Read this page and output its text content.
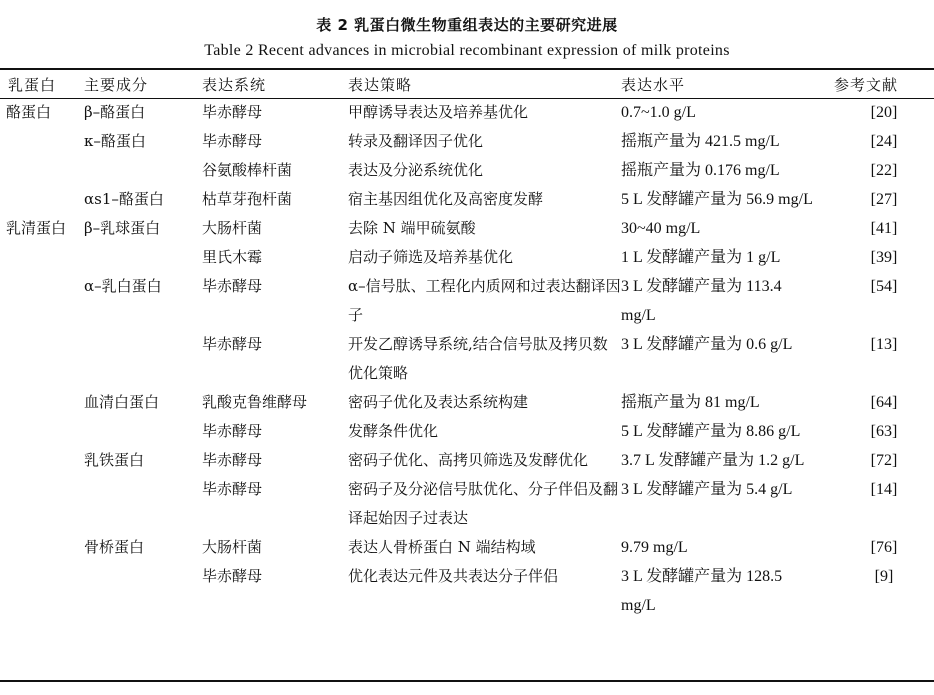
表 2 乳蛋白微生物重组表达的主要研究进展
Table 2 Recent advances in microbial recombinant expression of milk proteins
乳蛋白	主要成分	表达系统	表达策略	表达水平	参考文献
酪蛋白	β–酪蛋白	毕赤酵母	甲醇诱导表达及培养基优化	0.7~1.0 g/L	[20]
	κ–酪蛋白	毕赤酵母	转录及翻译因子优化	摇瓶产量为 421.5 mg/L	[24]
		谷氨酸棒杆菌	表达及分泌系统优化	摇瓶产量为 0.176 mg/L	[22]
	αs1–酪蛋白	枯草芽孢杆菌	宿主基因组优化及高密度发酵	5 L 发酵罐产量为 56.9 mg/L	[27]
乳清蛋白	β–乳球蛋白	大肠杆菌	去除 N 端甲硫氨酸	30~40 mg/L	[41]
		里氏木霉	启动子筛选及培养基优化	1 L 发酵罐产量为 1 g/L	[39]
	α–乳白蛋白	毕赤酵母	α–信号肽、工程化内质网和过表达翻译因子	3 L 发酵罐产量为 113.4 mg/L	[54]
		毕赤酵母	开发乙醇诱导系统,结合信号肽及拷贝数优化策略	3 L 发酵罐产量为 0.6 g/L	[13]
	血清白蛋白	乳酸克鲁维酵母	密码子优化及表达系统构建	摇瓶产量为 81 mg/L	[64]
		毕赤酵母	发酵条件优化	5 L 发酵罐产量为 8.86 g/L	[63]
	乳铁蛋白	毕赤酵母	密码子优化、高拷贝筛选及发酵优化	3.7 L 发酵罐产量为 1.2 g/L	[72]
		毕赤酵母	密码子及分泌信号肽优化、分子伴侣及翻译起始因子过表达	3 L 发酵罐产量为 5.4 g/L	[14]
	骨桥蛋白	大肠杆菌	表达人骨桥蛋白 N 端结构域	9.79 mg/L	[76]
		毕赤酵母	优化表达元件及共表达分子伴侣	3 L 发酵罐产量为 128.5 mg/L	[9]
